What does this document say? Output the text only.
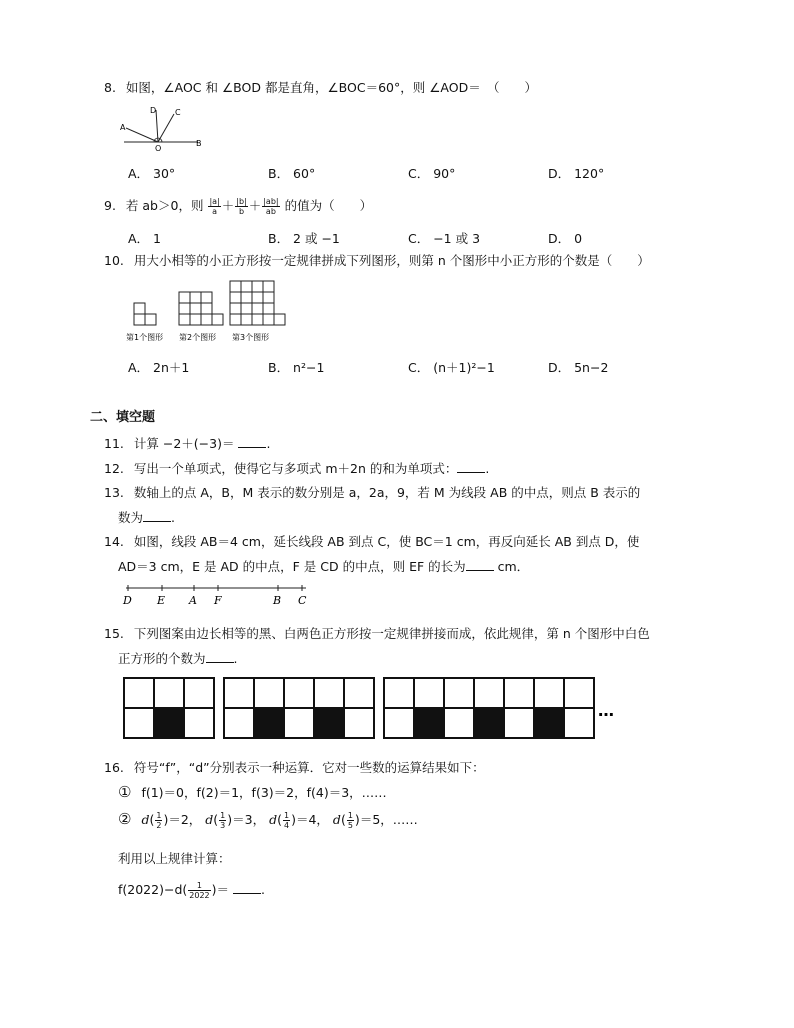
8. 如图，∠AOC 和 ∠BOD 都是直角，∠BOC＝60°，则 ∠AOD＝　（　　）
A
D C
O
B
A． 30°	B． 60°	C． 90°	D． 120°
9. 若 ab＞0，则 $\frac{|a|}{a} + \frac{|b|}{b} + \frac{|ab|}{ab}$ 的值为（　　）
A． 1	B． 2 或 −1	C． −1 或 3	D． 0
10. 用大小相等的小正方形按一定规律拼成下列图形，则第 n 个图形中小正方形的个数是（　　）
第1个图形 第2个图形 第3个图形
A． 2n＋1	B． n²−1	C． (n＋1)²−1	D． 5n−2
二、填空题
11. 计算 −2＋(−3)＝ .
12. 写出一个单项式，使得它与多项式 m＋2n 的和为单项式： .
13. 数轴上的点 A，B，M 表示的数分别是 a，2a，9，若 M 为线段 AB 的中点，则点 B 表示的
数为 .
14. 如图，线段 AB＝4 cm，延长线段 AB 到点 C，使 BC＝1 cm，再反向延长 AB 到点 D，使
AD＝3 cm，E 是 AD 的中点，F 是 CD 的中点，则 EF 的长为 cm．
D E A F	B C
15. 下列图案由边长相等的黑、白两色正方形按一定规律拼接而成，依此规律，第 n 个图形中白色
正方形的个数为 .
…
16. 符号“f”，“d”分别表示一种运算．它对一些数的运算结果如下：
① f(1)＝0，f(2)＝1，f(3)＝2，f(4)＝3，……
② $d( \frac{1}{2} )=2$， $d( \frac{1}{3} )=3$， $d( \frac{1}{4} )=4$， $d( \frac{1}{5} )=5$，……
利用以上规律计算：
$f(2022)-d( \frac{1}{2022}$ )＝ .
